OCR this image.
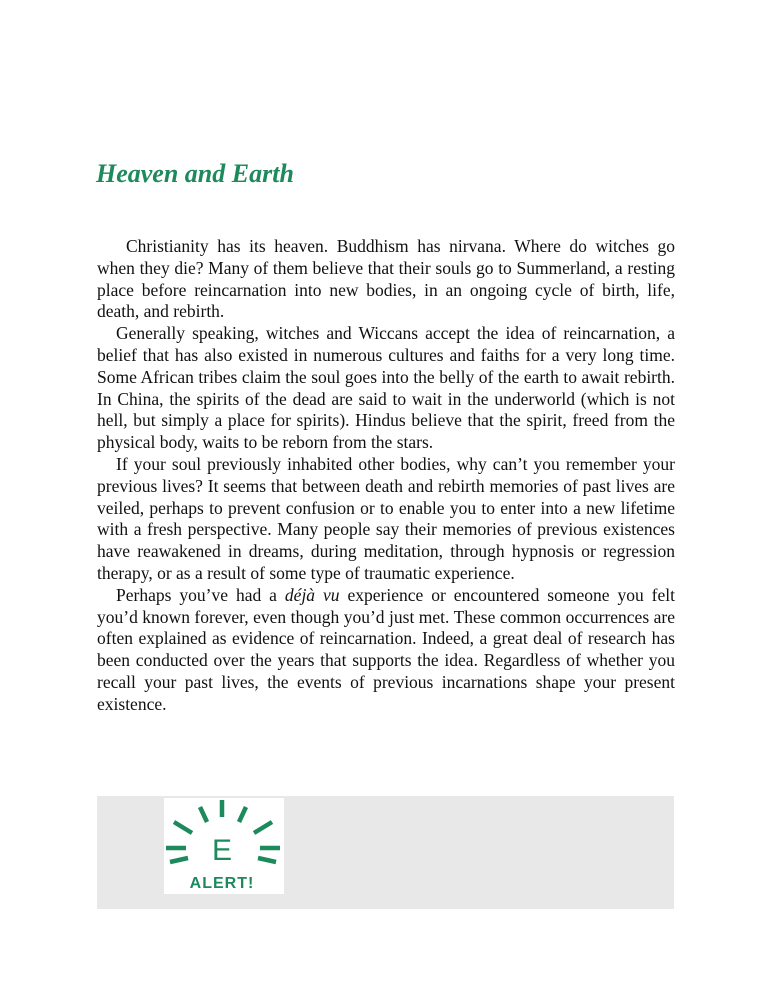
Heaven and Earth

Christianity has its heaven. Buddhism has nirvana. Where do witches go when they die? Many of them believe that their souls go to Summerland, a resting place before reincarnation into new bodies, in an ongoing cycle of birth, life, death, and rebirth.

Generally speaking, witches and Wiccans accept the idea of reincarnation, a belief that has also existed in numerous cultures and faiths for a very long time. Some African tribes claim the soul goes into the belly of the earth to await rebirth. In China, the spirits of the dead are said to wait in the underworld (which is not hell, but simply a place for spirits). Hindus believe that the spirit, freed from the physical body, waits to be reborn from the stars.

If your soul previously inhabited other bodies, why can’t you remember your previous lives? It seems that between death and rebirth memories of past lives are veiled, perhaps to prevent confusion or to enable you to enter into a new lifetime with a fresh perspective. Many people say their memories of previous existences have reawakened in dreams, during meditation, through hypnosis or regression therapy, or as a result of some type of traumatic experience.

Perhaps you’ve had a déjà vu experience or encountered someone you felt you’d known forever, even though you’d just met. These common occurrences are often explained as evidence of reincarnation. Indeed, a great deal of research has been conducted over the years that supports the idea. Regardless of whether you recall your past lives, the events of previous incarnations shape your present existence.

E
ALERT!
